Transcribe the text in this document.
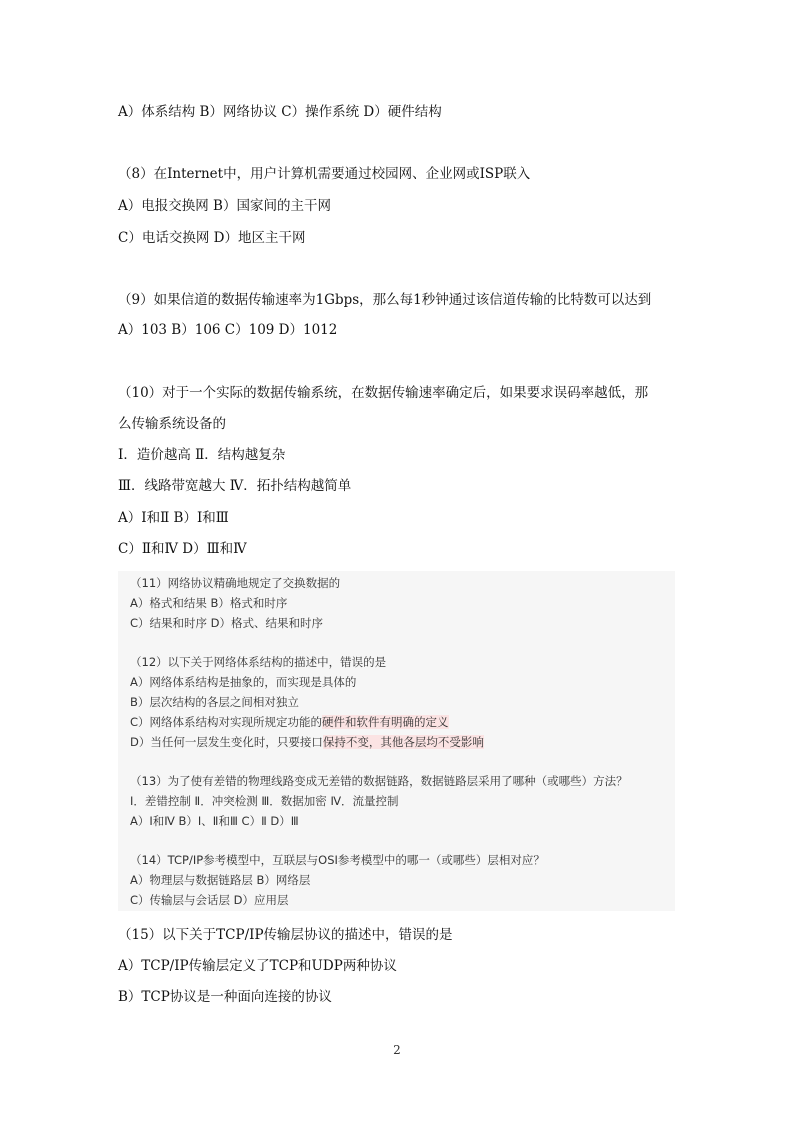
A）体系结构 B）网络协议 C）操作系统 D）硬件结构
（8）在Internet中，用户计算机需要通过校园网、企业网或ISP联入
A）电报交换网 B）国家间的主干网
C）电话交换网 D）地区主干网
（9）如果信道的数据传输速率为1Gbps，那么每1秒钟通过该信道传输的比特数可以达到
A）103 B）106 C）109 D）1012
（10）对于一个实际的数据传输系统，在数据传输速率确定后，如果要求误码率越低，那
么传输系统设备的
Ⅰ．造价越高 Ⅱ．结构越复杂
Ⅲ．线路带宽越大 Ⅳ．拓扑结构越简单
A）Ⅰ和Ⅱ B）Ⅰ和Ⅲ
C）Ⅱ和Ⅳ D）Ⅲ和Ⅳ
（11）网络协议精确地规定了交换数据的
A）格式和结果 B）格式和时序
C）结果和时序 D）格式、结果和时序
（12）以下关于网络体系结构的描述中，错误的是
A）网络体系结构是抽象的，而实现是具体的
B）层次结构的各层之间相对独立
C）网络体系结构对实现所规定功能的硬件和软件有明确的定义
D）当任何一层发生变化时，只要接口保持不变，其他各层均不受影响
（13）为了使有差错的物理线路变成无差错的数据链路，数据链路层采用了哪种（或哪些）方法？
Ⅰ．差错控制 Ⅱ．冲突检测 Ⅲ．数据加密 Ⅳ．流量控制
A）Ⅰ和Ⅳ B）Ⅰ、Ⅱ和Ⅲ C）Ⅱ D）Ⅲ
（14）TCP/IP参考模型中，互联层与OSI参考模型中的哪一（或哪些）层相对应？
A）物理层与数据链路层 B）网络层
C）传输层与会话层 D）应用层
（15）以下关于TCP/IP传输层协议的描述中，错误的是
A）TCP/IP传输层定义了TCP和UDP两种协议
B）TCP协议是一种面向连接的协议
2
